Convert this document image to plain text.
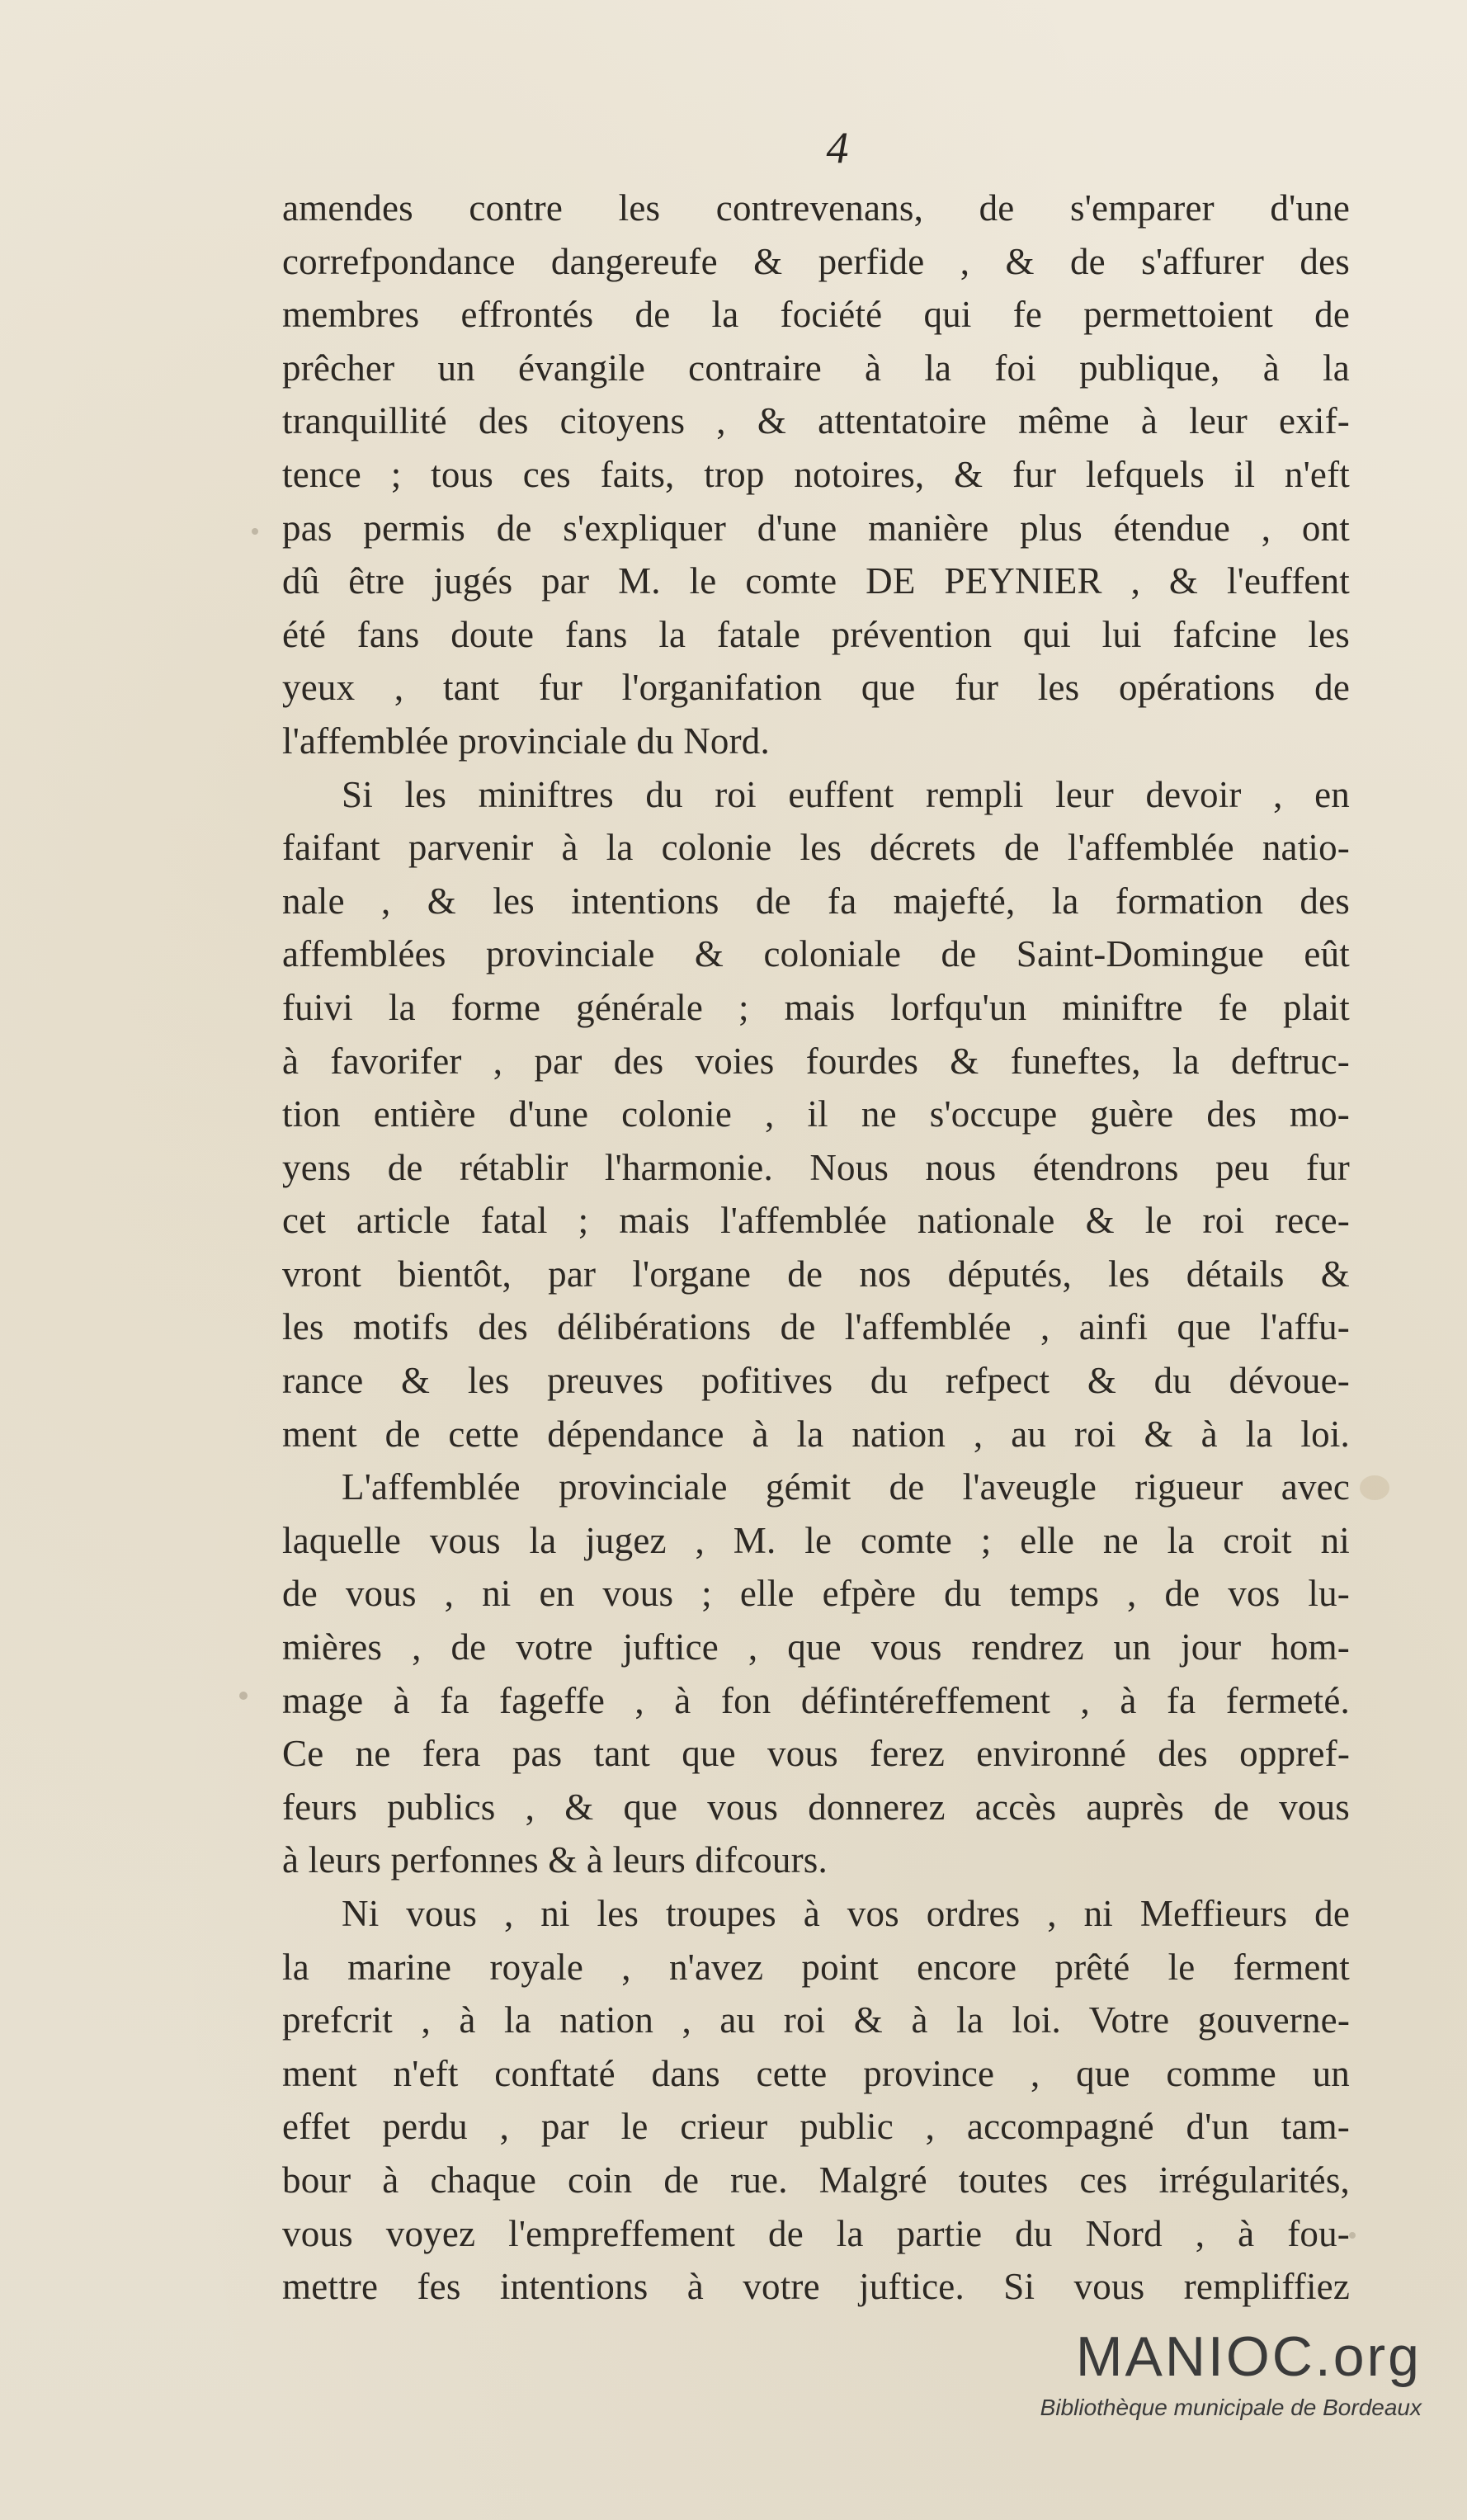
4
amendes contre les contrevenans, de s'emparer d'une
correfpondance dangereufe & perfide , & de s'affurer des
membres effrontés de la fociété qui fe permettoient de
prêcher un évangile contraire à la foi publique, à la
tranquillité des citoyens , & attentatoire même à leur exif-
tence ; tous ces faits, trop notoires, & fur lefquels il n'eft
pas permis de s'expliquer d'une manière plus étendue , ont
dû être jugés par M. le comte DE PEYNIER , & l'euffent
été fans doute fans la fatale prévention qui lui fafcine les
yeux , tant fur l'organifation que fur les opérations de
l'affemblée provinciale du Nord.
Si les miniftres du roi euffent rempli leur devoir , en
faifant parvenir à la colonie les décrets de l'affemblée natio-
nale , & les intentions de fa majefté, la formation des
affemblées provinciale & coloniale de Saint-Domingue eût
fuivi la forme générale ; mais lorfqu'un miniftre fe plait
à favorifer , par des voies fourdes & funeftes, la deftruc-
tion entière d'une colonie , il ne s'occupe guère des mo-
yens de rétablir l'harmonie. Nous nous étendrons peu fur
cet article fatal ; mais l'affemblée nationale & le roi rece-
vront bientôt, par l'organe de nos députés, les détails &
les motifs des délibérations de l'affemblée , ainfi que l'affu-
rance & les preuves pofitives du refpect & du dévoue-
ment de cette dépendance à la nation , au roi & à la loi.
L'affemblée provinciale gémit de l'aveugle rigueur avec
laquelle vous la jugez , M. le comte ; elle ne la croit ni
de vous , ni en vous ; elle efpère du temps , de vos lu-
mières , de votre juftice , que vous rendrez un jour hom-
mage à fa fageffe , à fon défintéreffement , à fa fermeté.
Ce ne fera pas tant que vous ferez environné des oppref-
feurs publics , & que vous donnerez accès auprès de vous
à leurs perfonnes & à leurs difcours.
Ni vous , ni les troupes à vos ordres , ni Meffieurs de
la marine royale , n'avez point encore prêté le ferment
prefcrit , à la nation , au roi & à la loi. Votre gouverne-
ment n'eft conftaté dans cette province , que comme un
effet perdu , par le crieur public , accompagné d'un tam-
bour à chaque coin de rue. Malgré toutes ces irrégularités,
vous voyez l'empreffement de la partie du Nord , à fou-
mettre fes intentions à votre juftice. Si vous rempliffiez
MANIOC.org
Bibliothèque municipale de Bordeaux
